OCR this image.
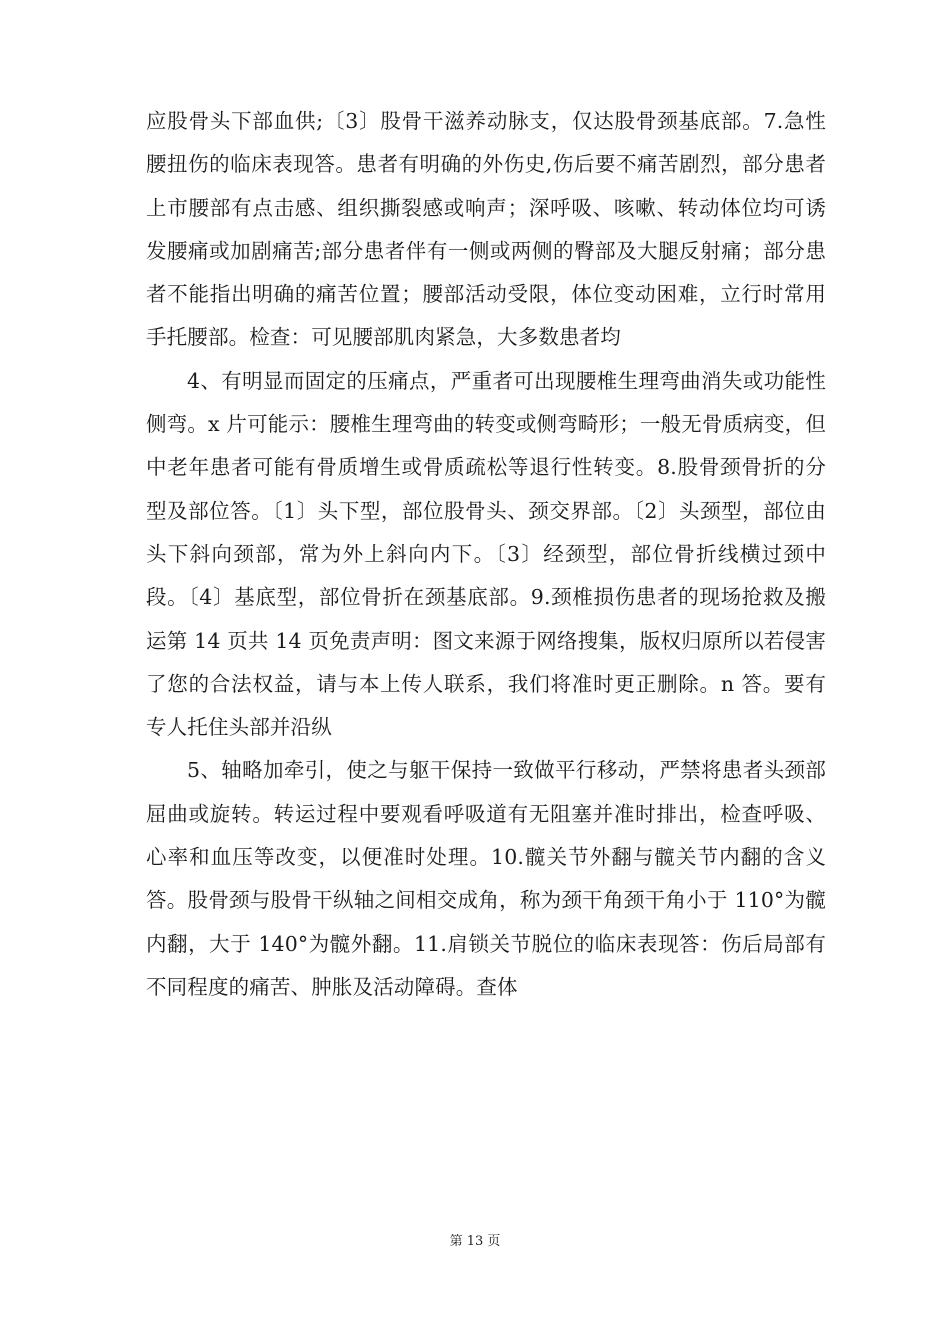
应股骨头下部血供;〔3〕股骨干滋养动脉支，仅达股骨颈基底部。7.急性腰扭伤的临床表现答。患者有明确的外伤史,伤后要不痛苦剧烈，部分患者上市腰部有点击感、组织撕裂感或响声；深呼吸、咳嗽、转动体位均可诱发腰痛或加剧痛苦;部分患者伴有一侧或两侧的臀部及大腿反射痛；部分患者不能指出明确的痛苦位置；腰部活动受限，体位变动困难，立行时常用手托腰部。检查：可见腰部肌肉紧急，大多数患者均

4、有明显而固定的压痛点，严重者可出现腰椎生理弯曲消失或功能性侧弯。x 片可能示：腰椎生理弯曲的转变或侧弯畸形；一般无骨质病变，但中老年患者可能有骨质增生或骨质疏松等退行性转变。8.股骨颈骨折的分型及部位答。〔1〕头下型，部位股骨头、颈交界部。〔2〕头颈型，部位由头下斜向颈部，常为外上斜向内下。〔3〕经颈型，部位骨折线横过颈中段。〔4〕基底型，部位骨折在颈基底部。9.颈椎损伤患者的现场抢救及搬运第 14 页共 14 页免责声明：图文来源于网络搜集，版权归原所以若侵害了您的合法权益，请与本上传人联系，我们将准时更正删除。n 答。要有专人托住头部并沿纵

5、轴略加牵引，使之与躯干保持一致做平行移动，严禁将患者头颈部屈曲或旋转。转运过程中要观看呼吸道有无阻塞并准时排出，检查呼吸、心率和血压等改变，以便准时处理。10.髋关节外翻与髋关节内翻的含义答。股骨颈与股骨干纵轴之间相交成角，称为颈干角颈干角小于 110°为髋内翻，大于 140°为髋外翻。11.肩锁关节脱位的临床表现答：伤后局部有不同程度的痛苦、肿胀及活动障碍。查体

第 13 页
